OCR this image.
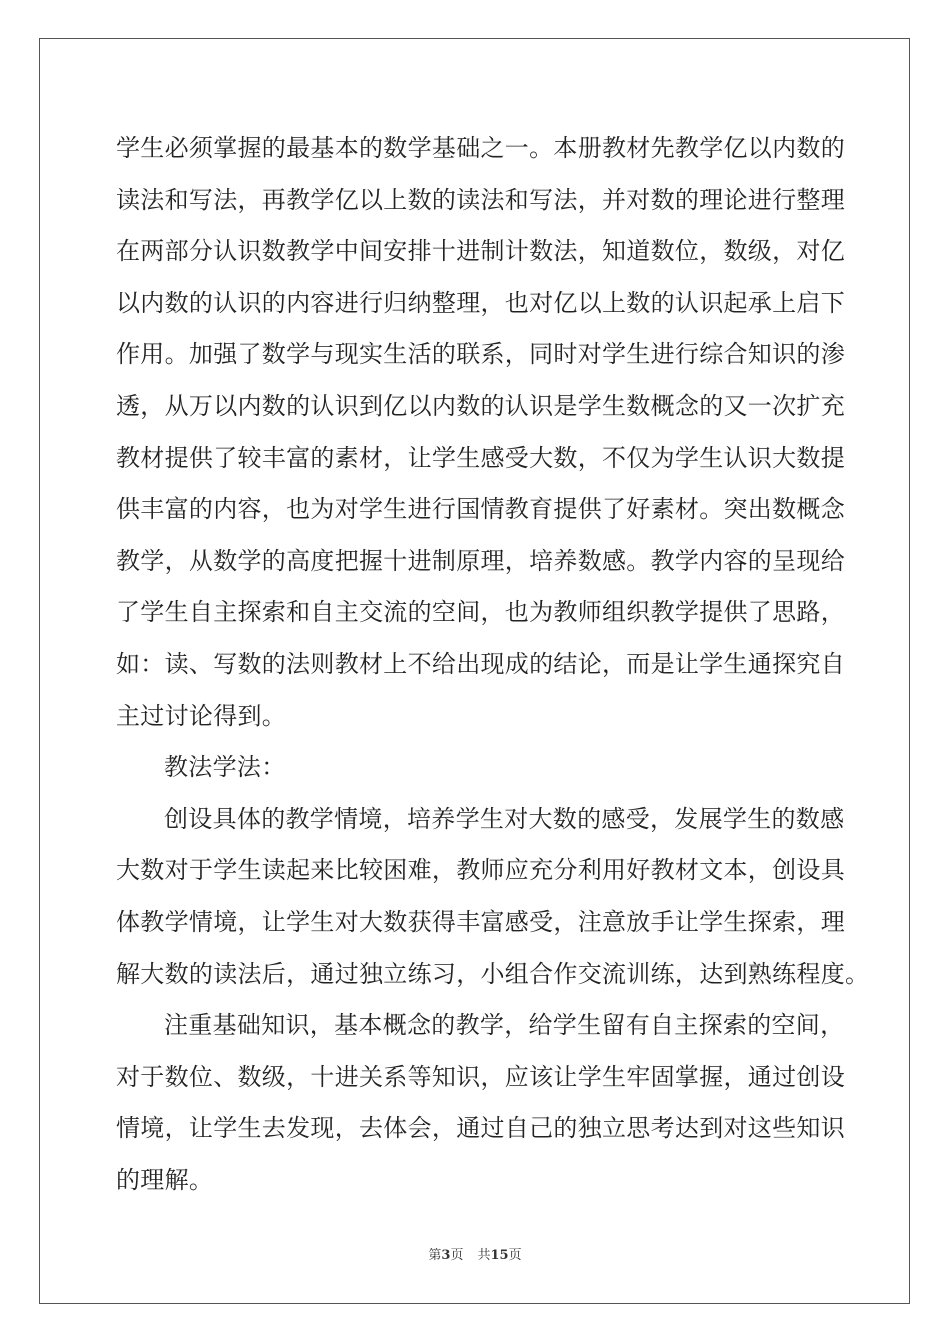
学生必须掌握的最基本的数学基础之一。本册教材先教学亿以内数的
读法和写法，再教学亿以上数的读法和写法，并对数的理论进行整理
在两部分认识数教学中间安排十进制计数法，知道数位，数级，对亿
以内数的认识的内容进行归纳整理，也对亿以上数的认识起承上启下
作用。加强了数学与现实生活的联系，同时对学生进行综合知识的渗
透，从万以内数的认识到亿以内数的认识是学生数概念的又一次扩充
教材提供了较丰富的素材，让学生感受大数，不仅为学生认识大数提
供丰富的内容，也为对学生进行国情教育提供了好素材。突出数概念
教学，从数学的高度把握十进制原理，培养数感。教学内容的呈现给
了学生自主探索和自主交流的空间，也为教师组织教学提供了思路，
如：读、写数的法则教材上不给出现成的结论，而是让学生通探究自
主过讨论得到。
教法学法：
创设具体的教学情境，培养学生对大数的感受，发展学生的数感
大数对于学生读起来比较困难，教师应充分利用好教材文本，创设具
体教学情境，让学生对大数获得丰富感受，注意放手让学生探索，理
解大数的读法后，通过独立练习，小组合作交流训练，达到熟练程度。
注重基础知识，基本概念的教学，给学生留有自主探索的空间，
对于数位、数级，十进关系等知识，应该让学生牢固掌握，通过创设
情境，让学生去发现，去体会，通过自己的独立思考达到对这些知识
的理解。
第3页 共15页
